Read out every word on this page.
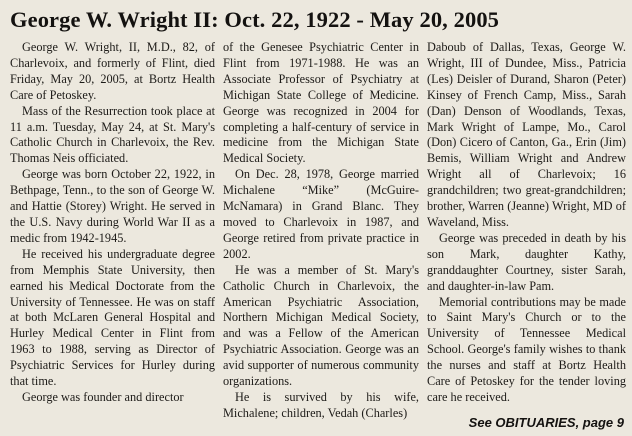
George W. Wright II: Oct. 22, 1922 - May 20, 2005

George W. Wright, II, M.D., 82, of Charlevoix, and formerly of Flint, died Friday, May 20, 2005, at Bortz Health Care of Petoskey.

Mass of the Resurrection took place at 11 a.m. Tuesday, May 24, at St. Mary's Catholic Church in Charlevoix, the Rev. Thomas Neis officiated.

George was born October 22, 1922, in Bethpage, Tenn., to the son of George W. and Hattie (Storey) Wright. He served in the U.S. Navy during World War II as a medic from 1942-1945.

He received his undergraduate degree from Memphis State University, then earned his Medical Doctorate from the University of Tennessee. He was on staff at both McLaren General Hospital and Hurley Medical Center in Flint from 1963 to 1988, serving as Director of Psychiatric Services for Hurley during that time.

George was founder and director

of the Genesee Psychiatric Center in Flint from 1971-1988. He was an Associate Professor of Psychiatry at Michigan State College of Medicine. George was recognized in 2004 for completing a half-century of service in medicine from the Michigan State Medical Society.

On Dec. 28, 1978, George married Michalene “Mike” (McGuire-McNamara) in Grand Blanc. They moved to Charlevoix in 1987, and George retired from private practice in 2002.

He was a member of St. Mary's Catholic Church in Charlevoix, the American Psychiatric Association, Northern Michigan Medical Society, and was a Fellow of the American Psychiatric Association. George was an avid supporter of numerous community organizations.

He is survived by his wife, Michalene; children, Vedah (Charles)

Daboub of Dallas, Texas, George W. Wright, III of Dundee, Miss., Patricia (Les) Deisler of Durand, Sharon (Peter) Kinsey of French Camp, Miss., Sarah (Dan) Denson of Woodlands, Texas, Mark Wright of Lampe, Mo., Carol (Don) Cicero of Canton, Ga., Erin (Jim) Bemis, William Wright and Andrew Wright all of Charlevoix; 16 grandchildren; two great-grandchildren; brother, Warren (Jeanne) Wright, MD of Waveland, Miss.

George was preceded in death by his son Mark, daughter Kathy, granddaughter Courtney, sister Sarah, and daughter-in-law Pam.

Memorial contributions may be made to Saint Mary's Church or to the University of Tennessee Medical School. George's family wishes to thank the nurses and staff at Bortz Health Care of Petoskey for the tender loving care he received.

See OBITUARIES, page 9
